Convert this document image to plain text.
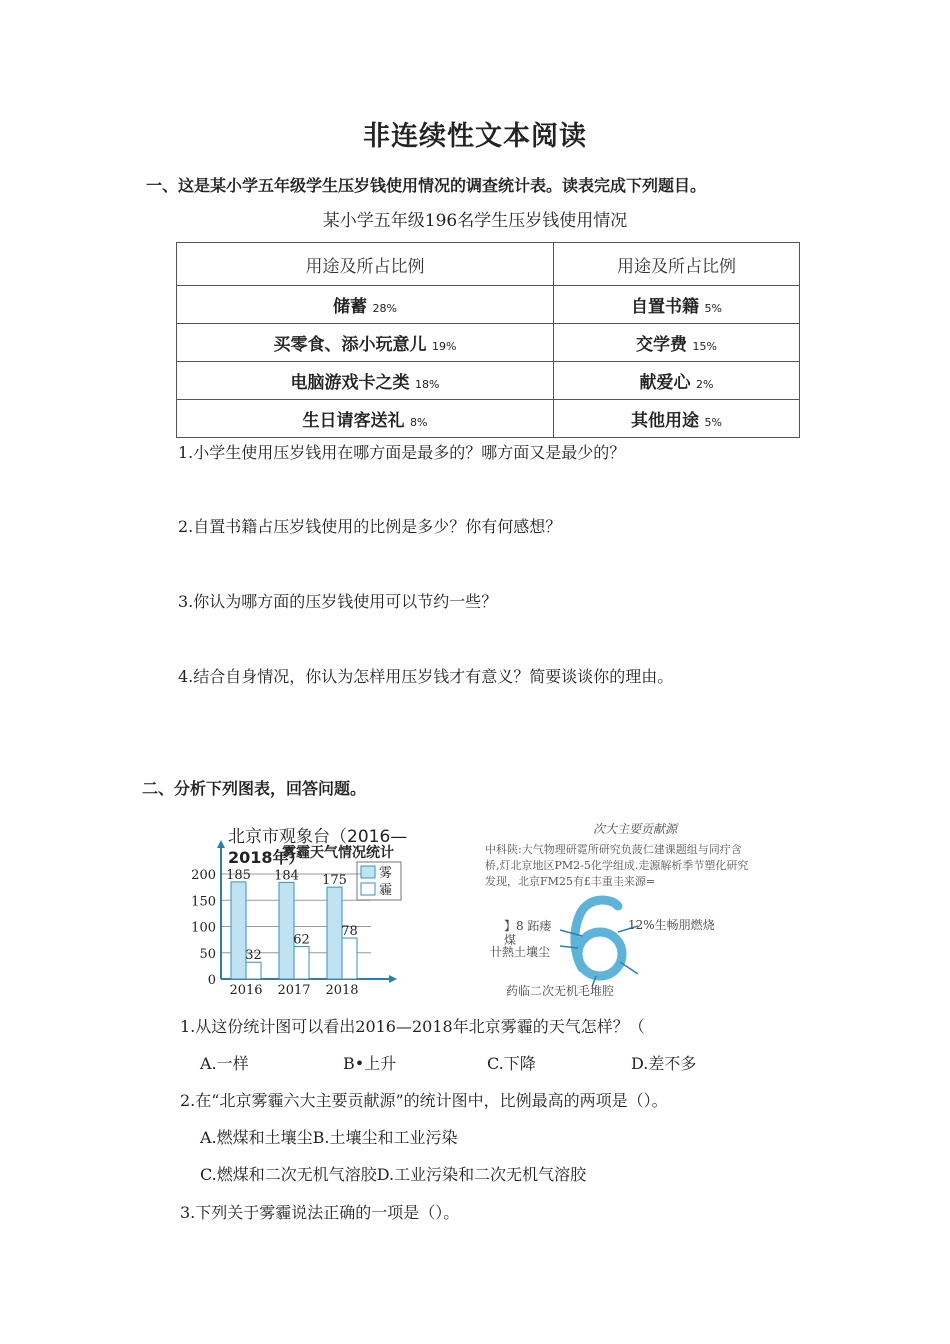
非连续性文本阅读
一、这是某小学五年级学生压岁钱使用情况的调查统计表。读表完成下列题目。
某小学五年级196名学生压岁钱使用情况
用途及所占比例	用途及所占比例
储蓄 28%	自置书籍 5%
买零食、添小玩意儿 19%	交学费 15%
电脑游戏卡之类 18%	献爱心 2%
生日请客送礼 8%	其他用途 5%
1.小学生使用压岁钱用在哪方面是最多的？哪方面又是最少的？
2.自置书籍占压岁钱使用的比例是多少？你有何感想？
3.你认为哪方面的压岁钱使用可以节约一些？
4.结合自身情况，你认为怎样用压岁钱才有意义？简要谈谈你的理由。
二、分析下列图表，回答问题。
北京市观象台（2016—
2018年）
雾霾天气情况统计
0
50
100
150
200 185
32
2016
184
62
2017
175
78
2018
雾
霾
次大主要贡献源
中科陕:大气物理研霓所研究负菠仁建课题组与同疔含
桥,灯北京地区PM2-5化学组成.走源解析季节塑化研究
发现，北京FM25有£丰重圭来源=
】8 跖瘘
煤
卄熱土壤尘
12%生畅朋燃烧
药临二次无机毛堆腔
1.从这份统计图可以看出2016—2018年北京雾霾的天气怎样？（
A.一样	B•上升	C.下降	D.差不多
2.在“北京雾霾六大主要贡献源”的统计图中，比例最高的两项是（）。
A.燃煤和土壤尘B.土壤尘和工业污染
C.燃煤和二次无机气溶胶D.工业污染和二次无机气溶胶
3.下列关于雾霾说法正确的一项是（）。
